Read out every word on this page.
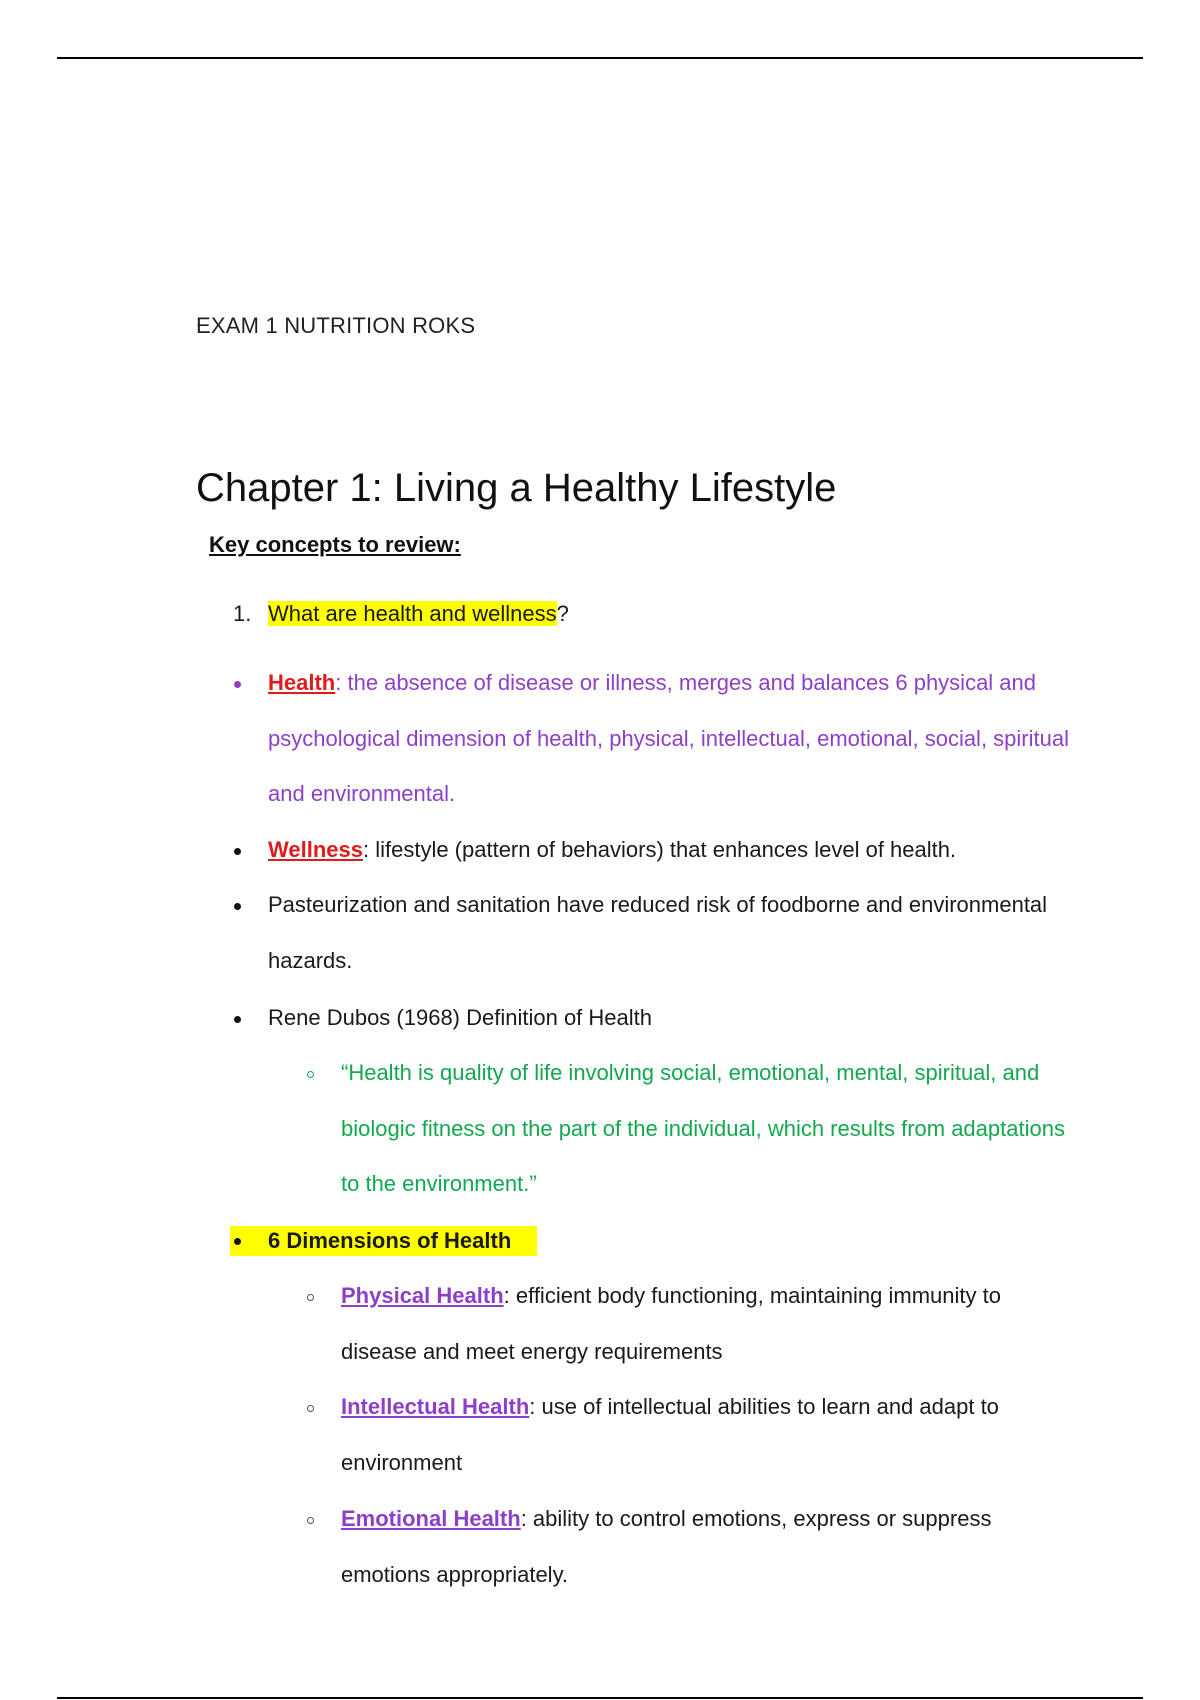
EXAM 1 NUTRITION ROKS
Chapter 1: Living a Healthy Lifestyle
Key concepts to review:
1. What are health and wellness?
Health: the absence of disease or illness, merges and balances 6 physical and
psychological dimension of health, physical, intellectual, emotional, social, spiritual
and environmental.
Wellness: lifestyle (pattern of behaviors) that enhances level of health.
Pasteurization and sanitation have reduced risk of foodborne and environmental
hazards.
Rene Dubos (1968) Definition of Health
“Health is quality of life involving social, emotional, mental, spiritual, and
biologic fitness on the part of the individual, which results from adaptations
to the environment.”
6 Dimensions of Health
Physical Health: efficient body functioning, maintaining immunity to
disease and meet energy requirements
Intellectual Health: use of intellectual abilities to learn and adapt to
environment
Emotional Health: ability to control emotions, express or suppress
emotions appropriately.
